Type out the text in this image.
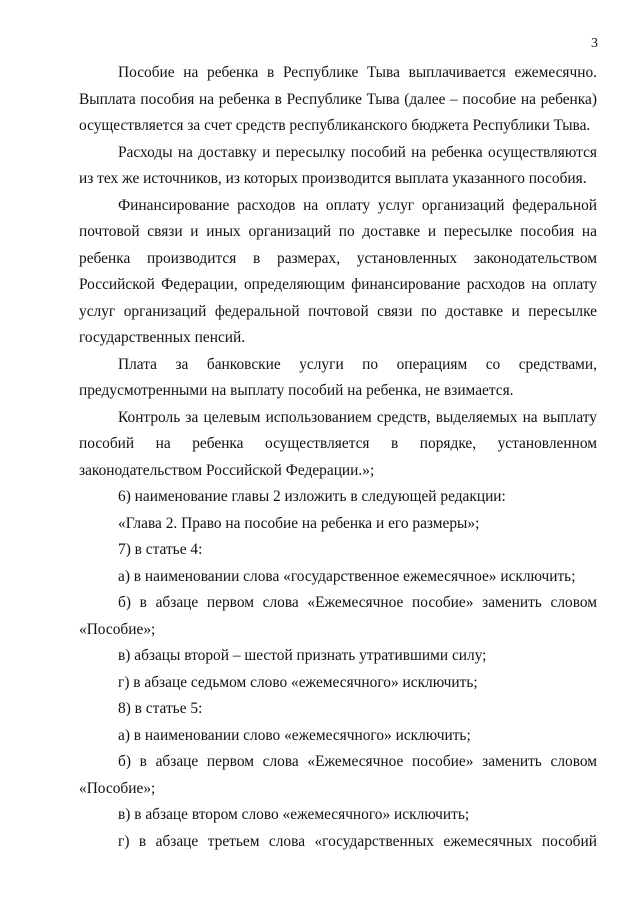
3

Пособие на ребенка в Республике Тыва выплачивается ежемесячно. Выплата пособия на ребенка в Республике Тыва (далее – пособие на ребенка) осуществляется за счет средств республиканского бюджета Республики Тыва.

Расходы на доставку и пересылку пособий на ребенка осуществляются из тех же источников, из которых производится выплата указанного пособия.

Финансирование расходов на оплату услуг организаций федеральной почтовой связи и иных организаций по доставке и пересылке пособия на ребенка производится в размерах, установленных законодательством Российской Федерации, определяющим финансирование расходов на оплату услуг организаций федеральной почтовой связи по доставке и пересылке государственных пенсий.

Плата за банковские услуги по операциям со средствами, предусмотренными на выплату пособий на ребенка, не взимается.

Контроль за целевым использованием средств, выделяемых на выплату пособий на ребенка осуществляется в порядке, установленном законодательством Российской Федерации.»;

6) наименование главы 2 изложить в следующей редакции:

«Глава 2. Право на пособие на ребенка и его размеры»;

7) в статье 4:

а) в наименовании слова «государственное ежемесячное» исключить;

б) в абзаце первом слова «Ежемесячное пособие» заменить словом «Пособие»;

в) абзацы второй – шестой признать утратившими силу;

г) в абзаце седьмом слово «ежемесячного» исключить;

8) в статье 5:

а) в наименовании слово «ежемесячного» исключить;

б) в абзаце первом слова «Ежемесячное пособие» заменить словом «Пособие»;

в) в абзаце втором слово «ежемесячного» исключить;

г) в абзаце третьем слова «государственных ежемесячных пособий
